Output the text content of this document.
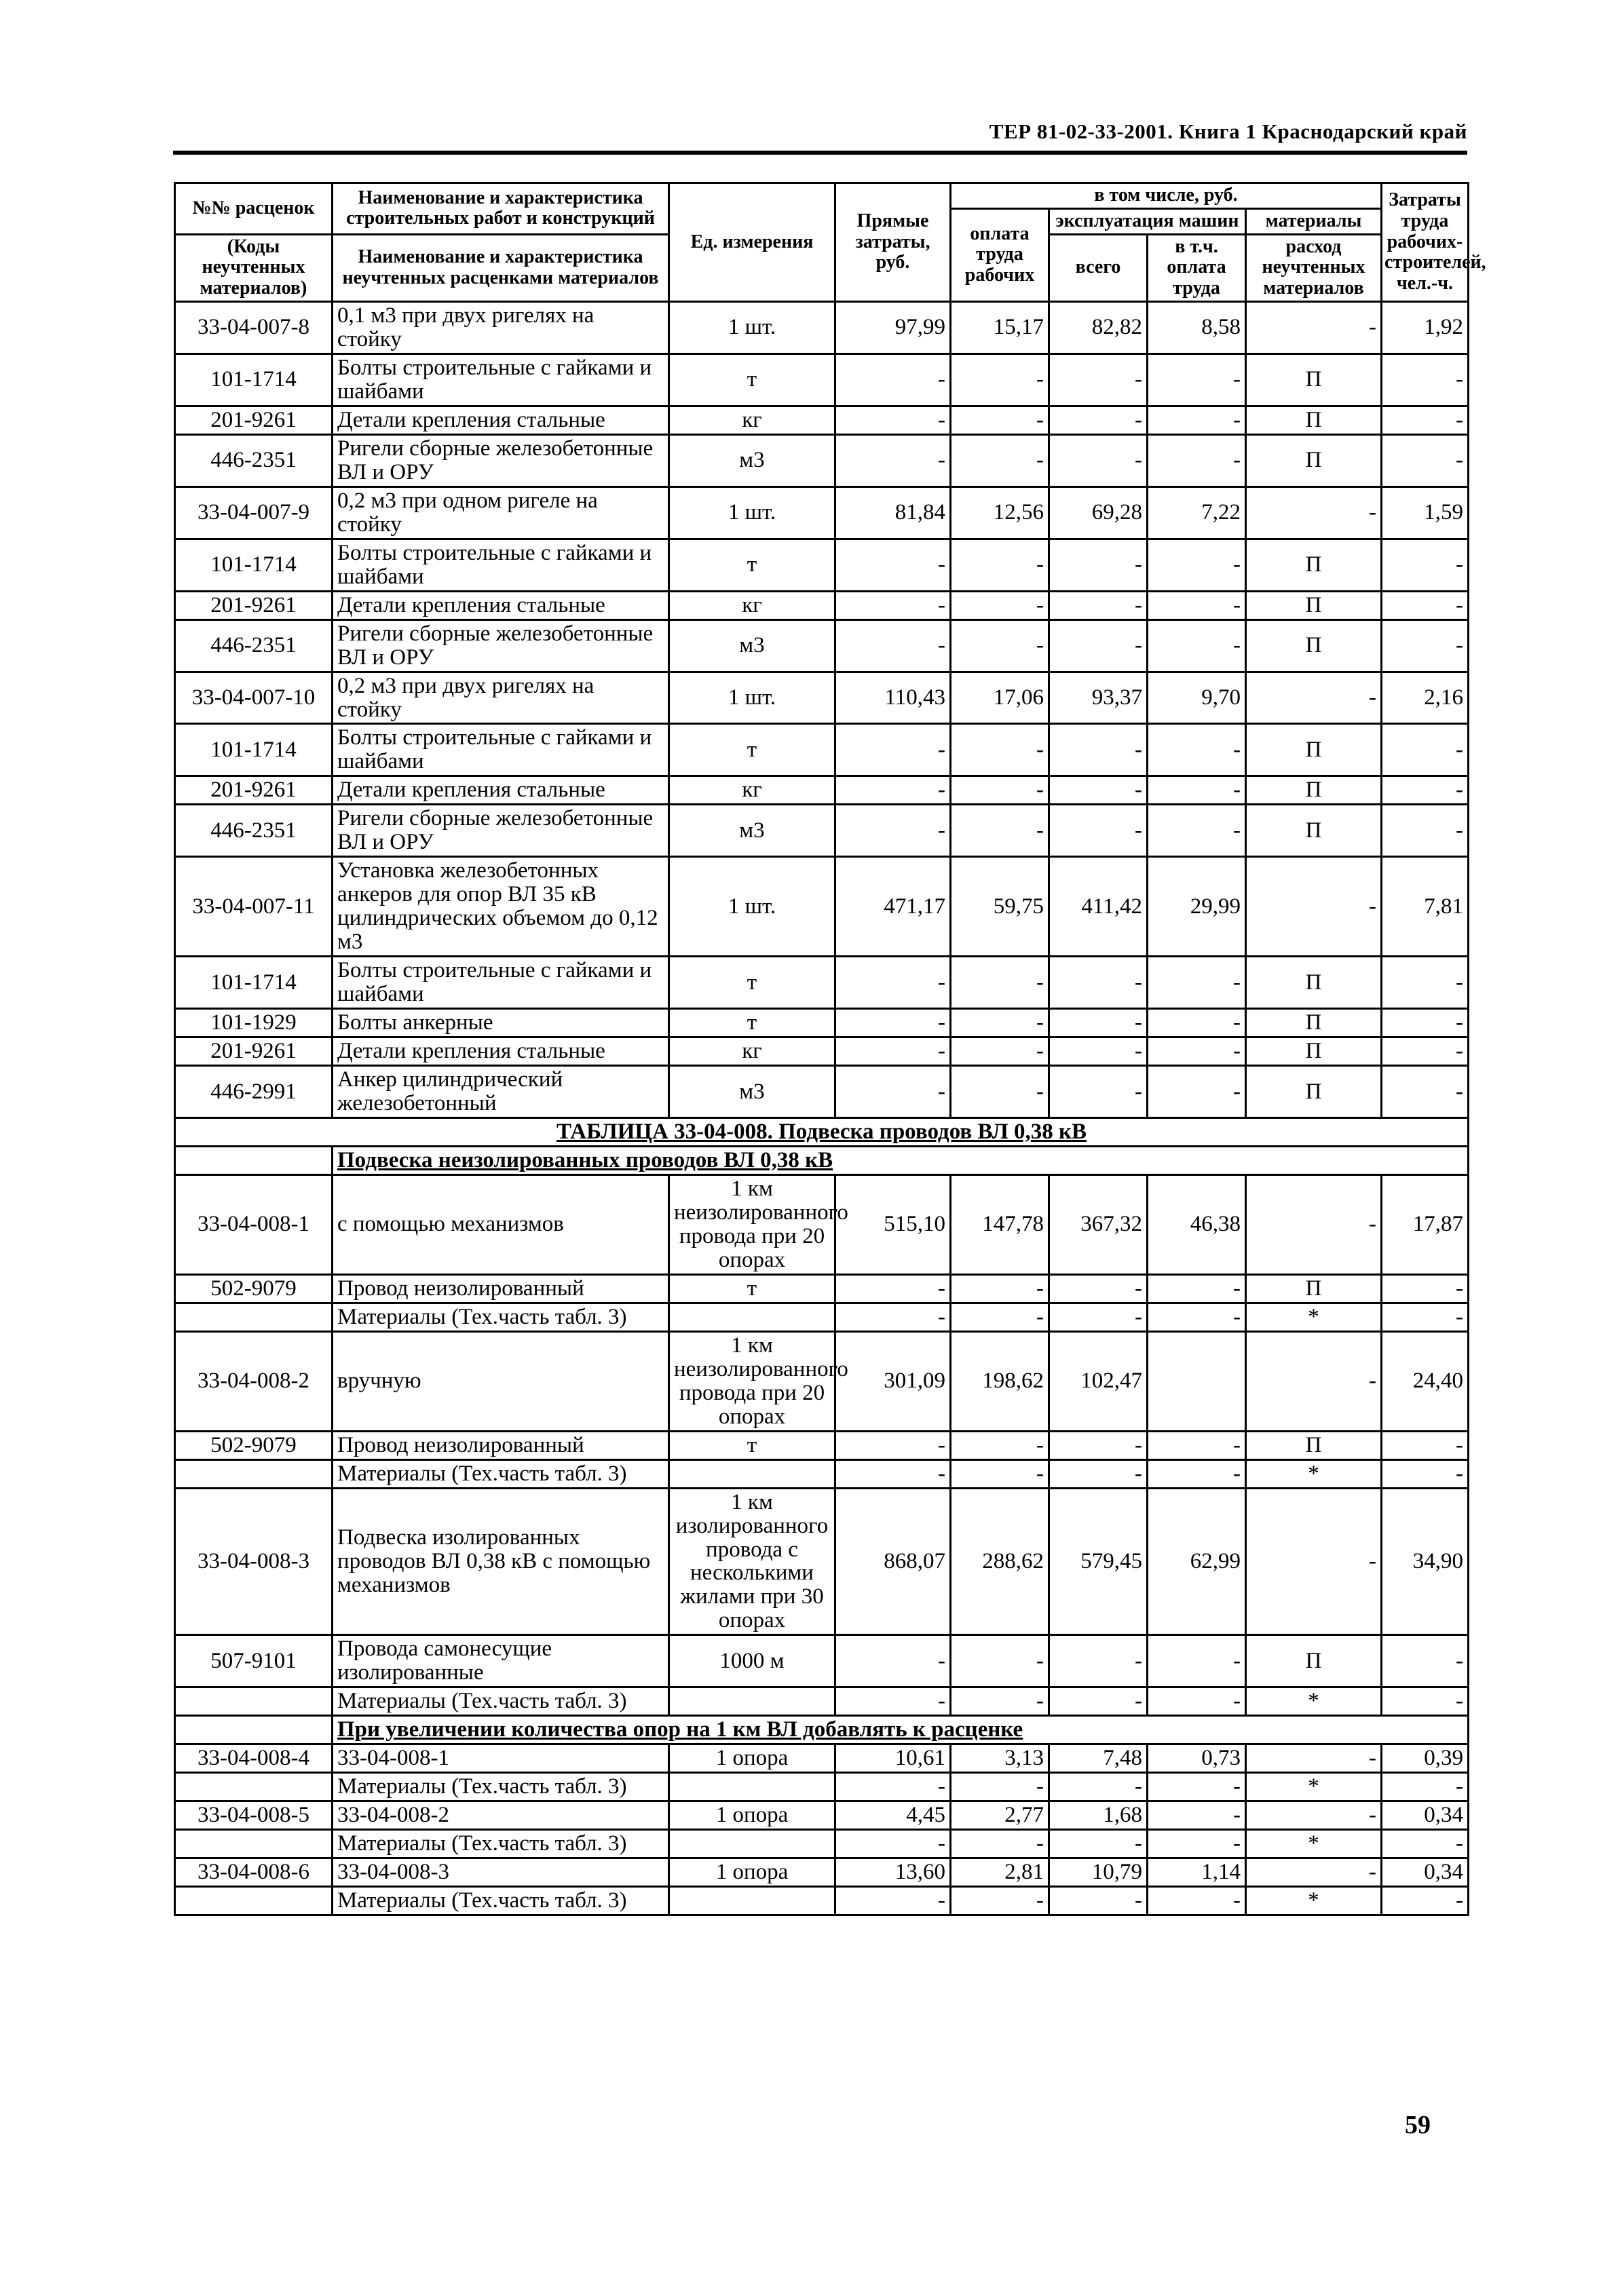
ТЕР 81-02-33-2001. Книга 1 Краснодарский край
№№ расценок	Наименование и характеристика строительных работ и конструкций	Ед. измерения	Прямые затраты, руб.	в том числе, руб.				Затраты труда рабочих-строителей, чел.-ч.
				оплата труда рабочих	эксплуатация машин		материалы	
(Коды неучтенных материалов)	Наименование и характеристика неучтенных расценками материалов				всего	в т.ч. оплата труда	расход неучтенных материалов	

33-04-007-8	0,1 м3 при двух ригелях на стойку	1 шт.	97,99	15,17	82,82	8,58	-	1,92
101-1714	Болты строительные с гайками и шайбами	т	-	-	-	-	П	-
201-9261	Детали крепления стальные	кг	-	-	-	-	П	-
446-2351	Ригели сборные железобетонные ВЛ и ОРУ	м3	-	-	-	-	П	-
33-04-007-9	0,2 м3 при одном ригеле на стойку	1 шт.	81,84	12,56	69,28	7,22	-	1,59
101-1714	Болты строительные с гайками и шайбами	т	-	-	-	-	П	-
201-9261	Детали крепления стальные	кг	-	-	-	-	П	-
446-2351	Ригели сборные железобетонные ВЛ и ОРУ	м3	-	-	-	-	П	-
33-04-007-10	0,2 м3 при двух ригелях на стойку	1 шт.	110,43	17,06	93,37	9,70	-	2,16
101-1714	Болты строительные с гайками и шайбами	т	-	-	-	-	П	-
201-9261	Детали крепления стальные	кг	-	-	-	-	П	-
446-2351	Ригели сборные железобетонные ВЛ и ОРУ	м3	-	-	-	-	П	-
33-04-007-11	Установка железобетонных анкеров для опор ВЛ 35 кВ цилиндрических объемом до 0,12 м3	1 шт.	471,17	59,75	411,42	29,99	-	7,81
101-1714	Болты строительные с гайками и шайбами	т	-	-	-	-	П	-
101-1929	Болты анкерные	т	-	-	-	-	П	-
201-9261	Детали крепления стальные	кг	-	-	-	-	П	-
446-2991	Анкер цилиндрический железобетонный	м3	-	-	-	-	П	-
ТАБЛИЦА 33-04-008. Подвеска проводов ВЛ 0,38 кВ								
	Подвеска неизолированных проводов ВЛ 0,38 кВ							
33-04-008-1	с помощью механизмов	1 км неизолированного провода при 20 опорах	515,10	147,78	367,32	46,38	-	17,87
502-9079	Провод неизолированный	т	-	-	-	-	П	-
	Материалы (Тех.часть табл. 3)		-	-	-	-	*	-
33-04-008-2	вручную	1 км неизолированного провода при 20 опорах	301,09	198,62	102,47		-	24,40
502-9079	Провод неизолированный	т	-	-	-	-	П	-
	Материалы (Тех.часть табл. 3)		-	-	-	-	*	-
33-04-008-3	Подвеска изолированных проводов ВЛ 0,38 кВ с помощью механизмов	1 км изолированного провода с несколькими жилами при 30 опорах	868,07	288,62	579,45	62,99	-	34,90
507-9101	Провода самонесущие изолированные	1000 м	-	-	-	-	П	-
	Материалы (Тех.часть табл. 3)		-	-	-	-	*	-
	При увеличении количества опор на 1 км ВЛ добавлять к расценке							
33-04-008-4	33-04-008-1	1 опора	10,61	3,13	7,48	0,73	-	0,39
	Материалы (Тех.часть табл. 3)		-	-	-	-	*	-
33-04-008-5	33-04-008-2	1 опора	4,45	2,77	1,68	-	-	0,34
	Материалы (Тех.часть табл. 3)		-	-	-	-	*	-
33-04-008-6	33-04-008-3	1 опора	13,60	2,81	10,79	1,14	-	0,34
	Материалы (Тех.часть табл. 3)		-	-	-	-	*	-
59
